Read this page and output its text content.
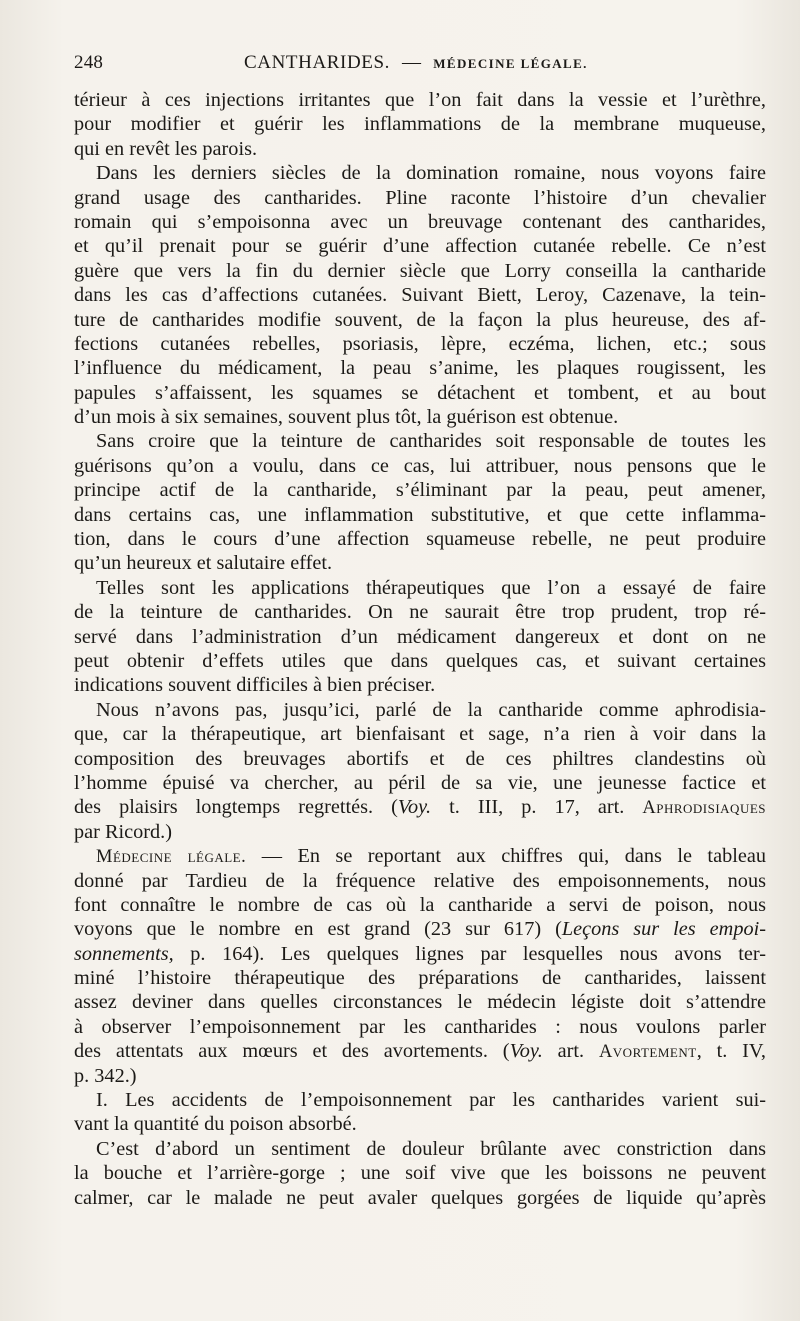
248	CANTHARIDES. — MÉDECINE LÉGALE.
térieur à ces injections irritantes que l’on fait dans la vessie et l’urèthre,
pour modifier et guérir les inflammations de la membrane muqueuse,
qui en revêt les parois.
Dans les derniers siècles de la domination romaine, nous voyons faire
grand usage des cantharides. Pline raconte l’histoire d’un chevalier
romain qui s’empoisonna avec un breuvage contenant des cantharides,
et qu’il prenait pour se guérir d’une affection cutanée rebelle. Ce n’est
guère que vers la fin du dernier siècle que Lorry conseilla la cantharide
dans les cas d’affections cutanées. Suivant Biett, Leroy, Cazenave, la tein-
ture de cantharides modifie souvent, de la façon la plus heureuse, des af-
fections cutanées rebelles, psoriasis, lèpre, eczéma, lichen, etc.; sous
l’influence du médicament, la peau s’anime, les plaques rougissent, les
papules s’affaissent, les squames se détachent et tombent, et au bout
d’un mois à six semaines, souvent plus tôt, la guérison est obtenue.
Sans croire que la teinture de cantharides soit responsable de toutes les
guérisons qu’on a voulu, dans ce cas, lui attribuer, nous pensons que le
principe actif de la cantharide, s’éliminant par la peau, peut amener,
dans certains cas, une inflammation substitutive, et que cette inflamma-
tion, dans le cours d’une affection squameuse rebelle, ne peut produire
qu’un heureux et salutaire effet.
Telles sont les applications thérapeutiques que l’on a essayé de faire
de la teinture de cantharides. On ne saurait être trop prudent, trop ré-
servé dans l’administration d’un médicament dangereux et dont on ne
peut obtenir d’effets utiles que dans quelques cas, et suivant certaines
indications souvent difficiles à bien préciser.
Nous n’avons pas, jusqu’ici, parlé de la cantharide comme aphrodisia-
que, car la thérapeutique, art bienfaisant et sage, n’a rien à voir dans la
composition des breuvages abortifs et de ces philtres clandestins où
l’homme épuisé va chercher, au péril de sa vie, une jeunesse factice et
des plaisirs longtemps regrettés. (Voy. t. III, p. 17, art. Aphrodisiaques
par Ricord.)
Médecine légale. — En se reportant aux chiffres qui, dans le tableau
donné par Tardieu de la fréquence relative des empoisonnements, nous
font connaître le nombre de cas où la cantharide a servi de poison, nous
voyons que le nombre en est grand (23 sur 617) (Leçons sur les empoi-
sonnements, p. 164). Les quelques lignes par lesquelles nous avons ter-
miné l’histoire thérapeutique des préparations de cantharides, laissent
assez deviner dans quelles circonstances le médecin légiste doit s’attendre
à observer l’empoisonnement par les cantharides : nous voulons parler
des attentats aux mœurs et des avortements. (Voy. art. Avortement, t. IV,
p. 342.)
I. Les accidents de l’empoisonnement par les cantharides varient sui-
vant la quantité du poison absorbé.
C’est d’abord un sentiment de douleur brûlante avec constriction dans
la bouche et l’arrière-gorge ; une soif vive que les boissons ne peuvent
calmer, car le malade ne peut avaler quelques gorgées de liquide qu’après
